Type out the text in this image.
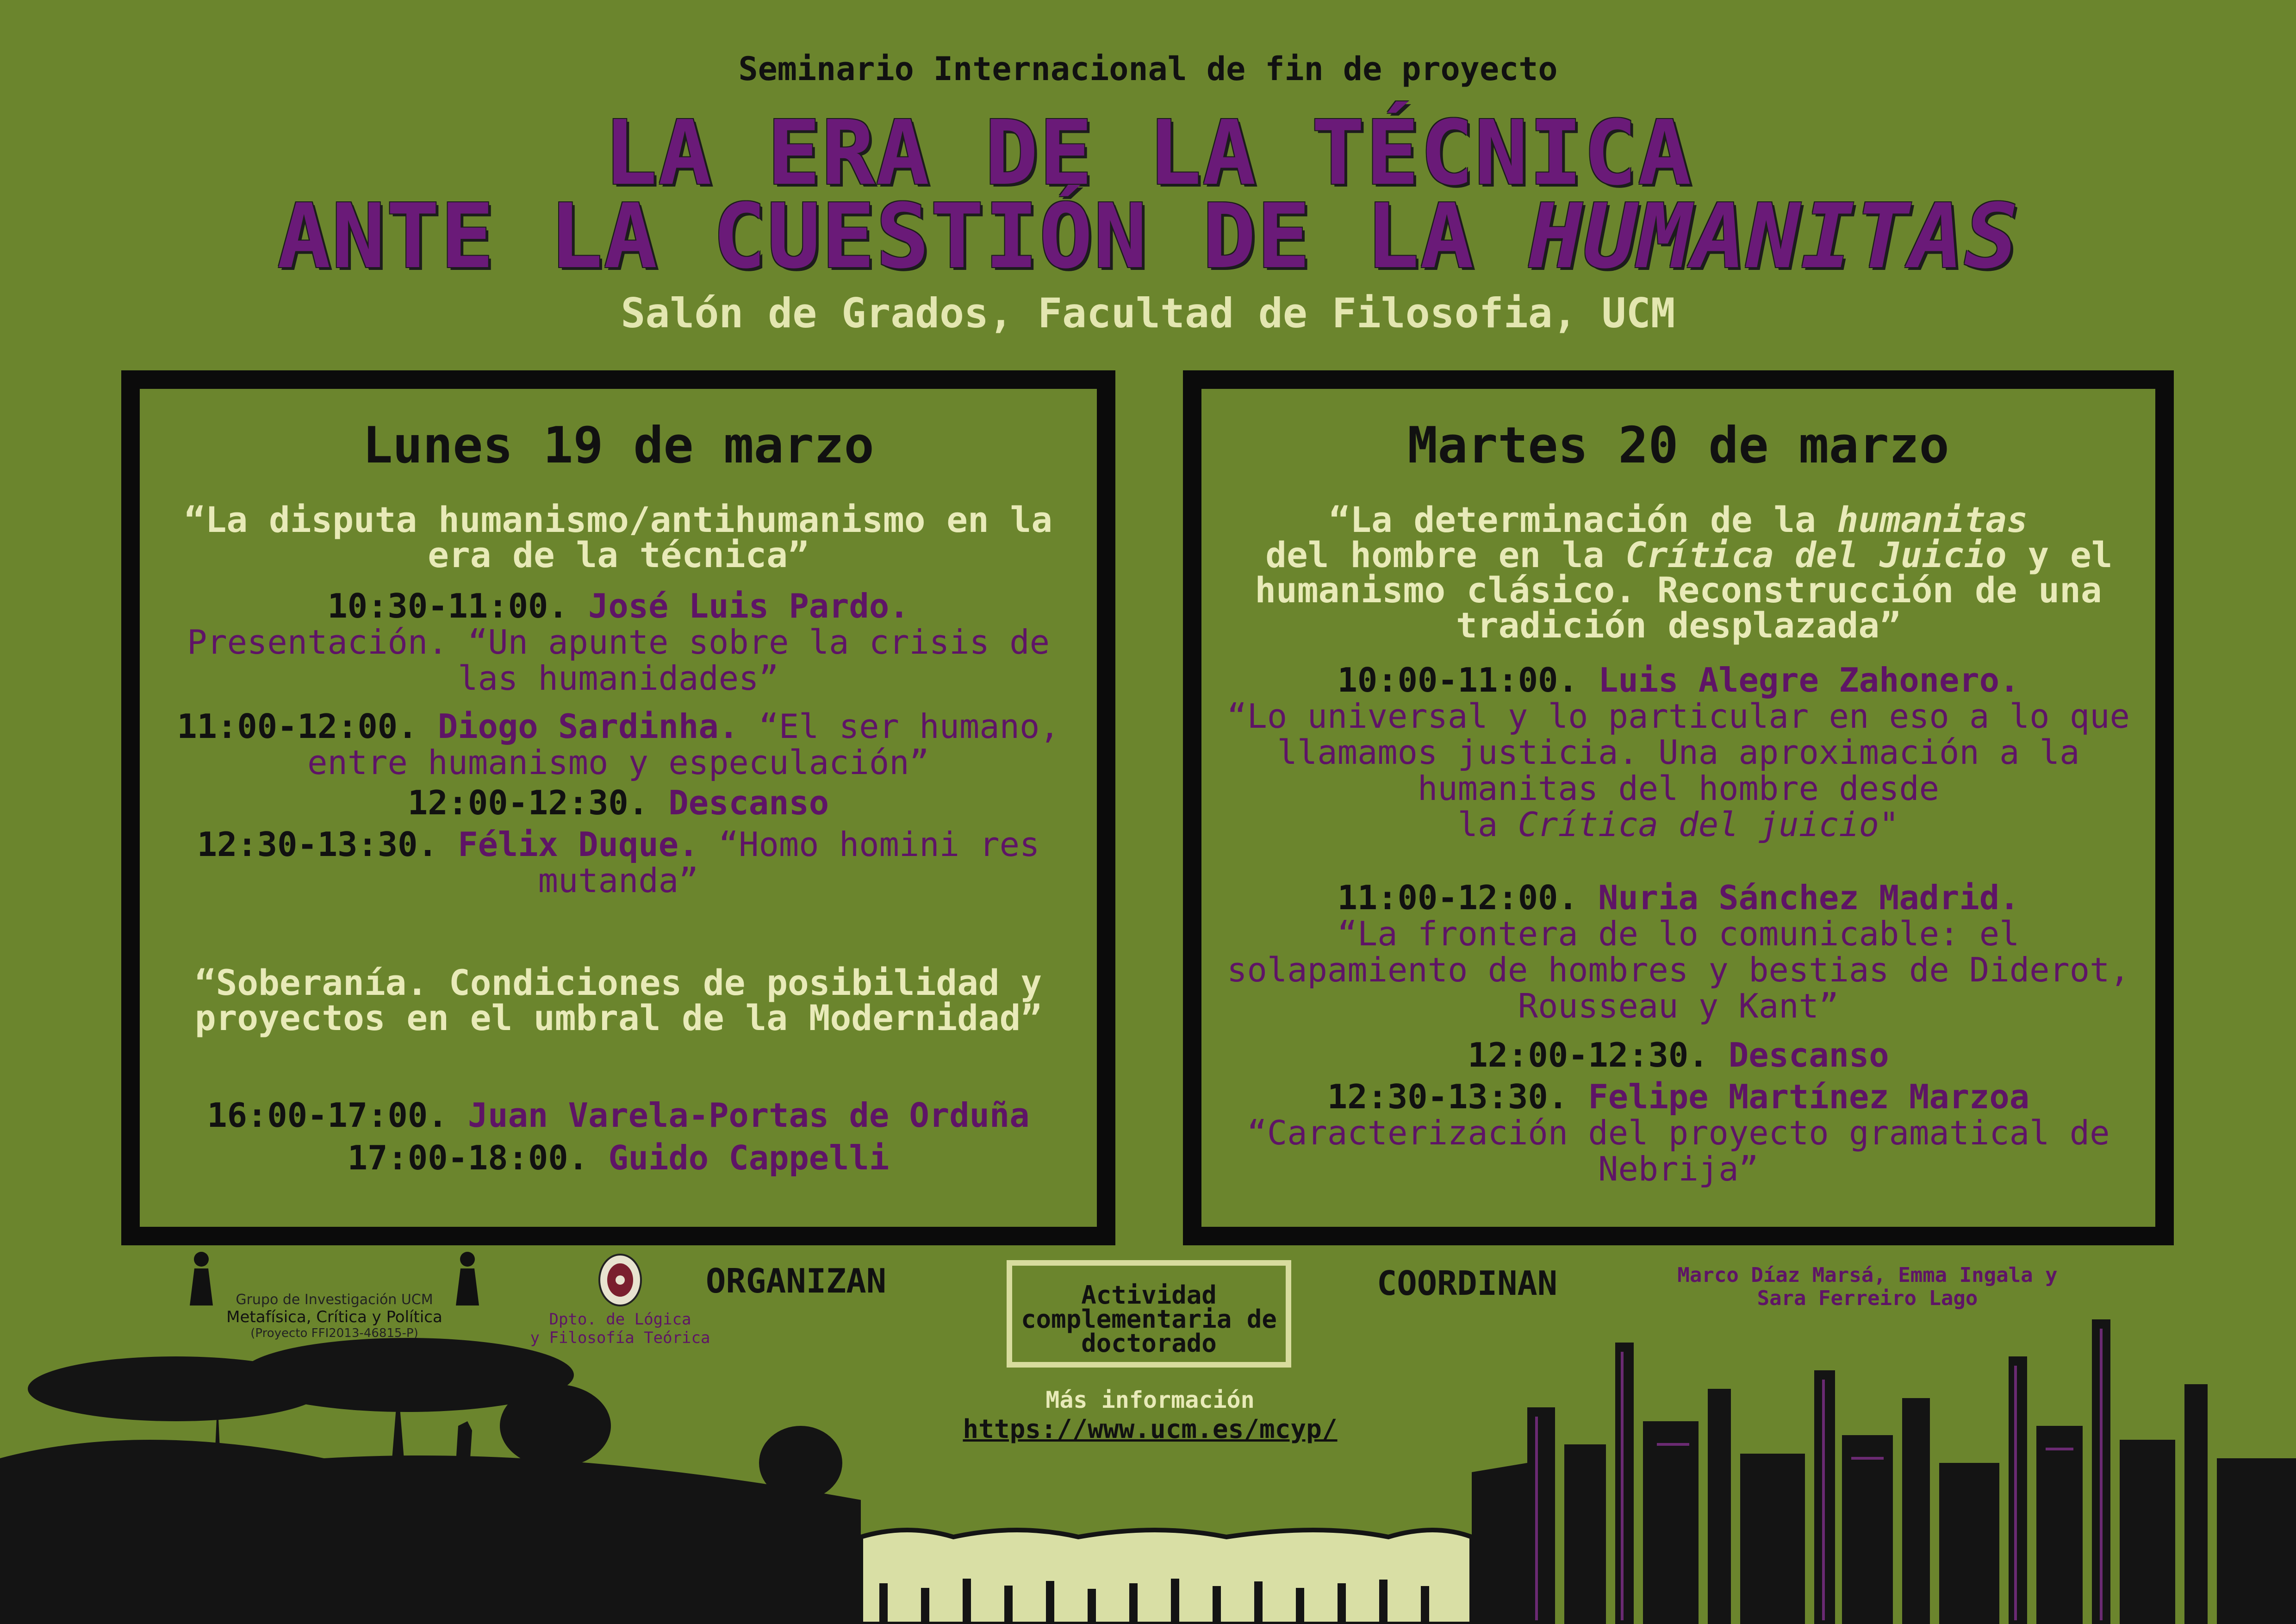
Seminario Internacional de fin de proyecto
LA ERA DE LA TÉCNICA
ANTE LA CUESTIÓN DE LA HUMANITAS
Salón de Grados, Facultad de Filosofia, UCM
Lunes 19 de marzo
“La disputa humanismo/antihumanismo en la era de la técnica”
10:30-11:00. José Luis Pardo.
Presentación. “Un apunte sobre la crisis de las humanidades”
11:00-12:00. Diogo Sardinha. “El ser humano, entre humanismo y especulación”
12:00-12:30. Descanso
12:30-13:30. Félix Duque. “Homo homini res mutanda”
“Soberanía. Condiciones de posibilidad y proyectos en el umbral de la Modernidad”
16:00-17:00. Juan Varela-Portas de Orduña
17:00-18:00. Guido Cappelli
Martes 20 de marzo
“La determinación de la humanitas del hombre en la Crítica del Juicio y el humanismo clásico. Reconstrucción de una tradición desplazada”
10:00-11:00. Luis Alegre Zahonero.
“Lo universal y lo particular en eso a lo que llamamos justicia. Una aproximación a la humanitas del hombre desde
la Crítica del juicio"
11:00-12:00. Nuria Sánchez Madrid.
“La frontera de lo comunicable: el solapamiento de hombres y bestias de Diderot, Rousseau y Kant”
12:00-12:30. Descanso
12:30-13:30. Felipe Martínez Marzoa
“Caracterización del proyecto gramatical de Nebrija”
Grupo de Investigación UCM
Metafísica, Crítica y Política
(Proyecto FFI2013-46815-P)
Dpto. de Lógica
y Filosofía Teórica
ORGANIZAN	Actividad complementaria de doctorado
COORDINAN	Marco Díaz Marsá, Emma Ingala y Sara Ferreiro Lago
Más información
https://www.ucm.es/mcyp/
